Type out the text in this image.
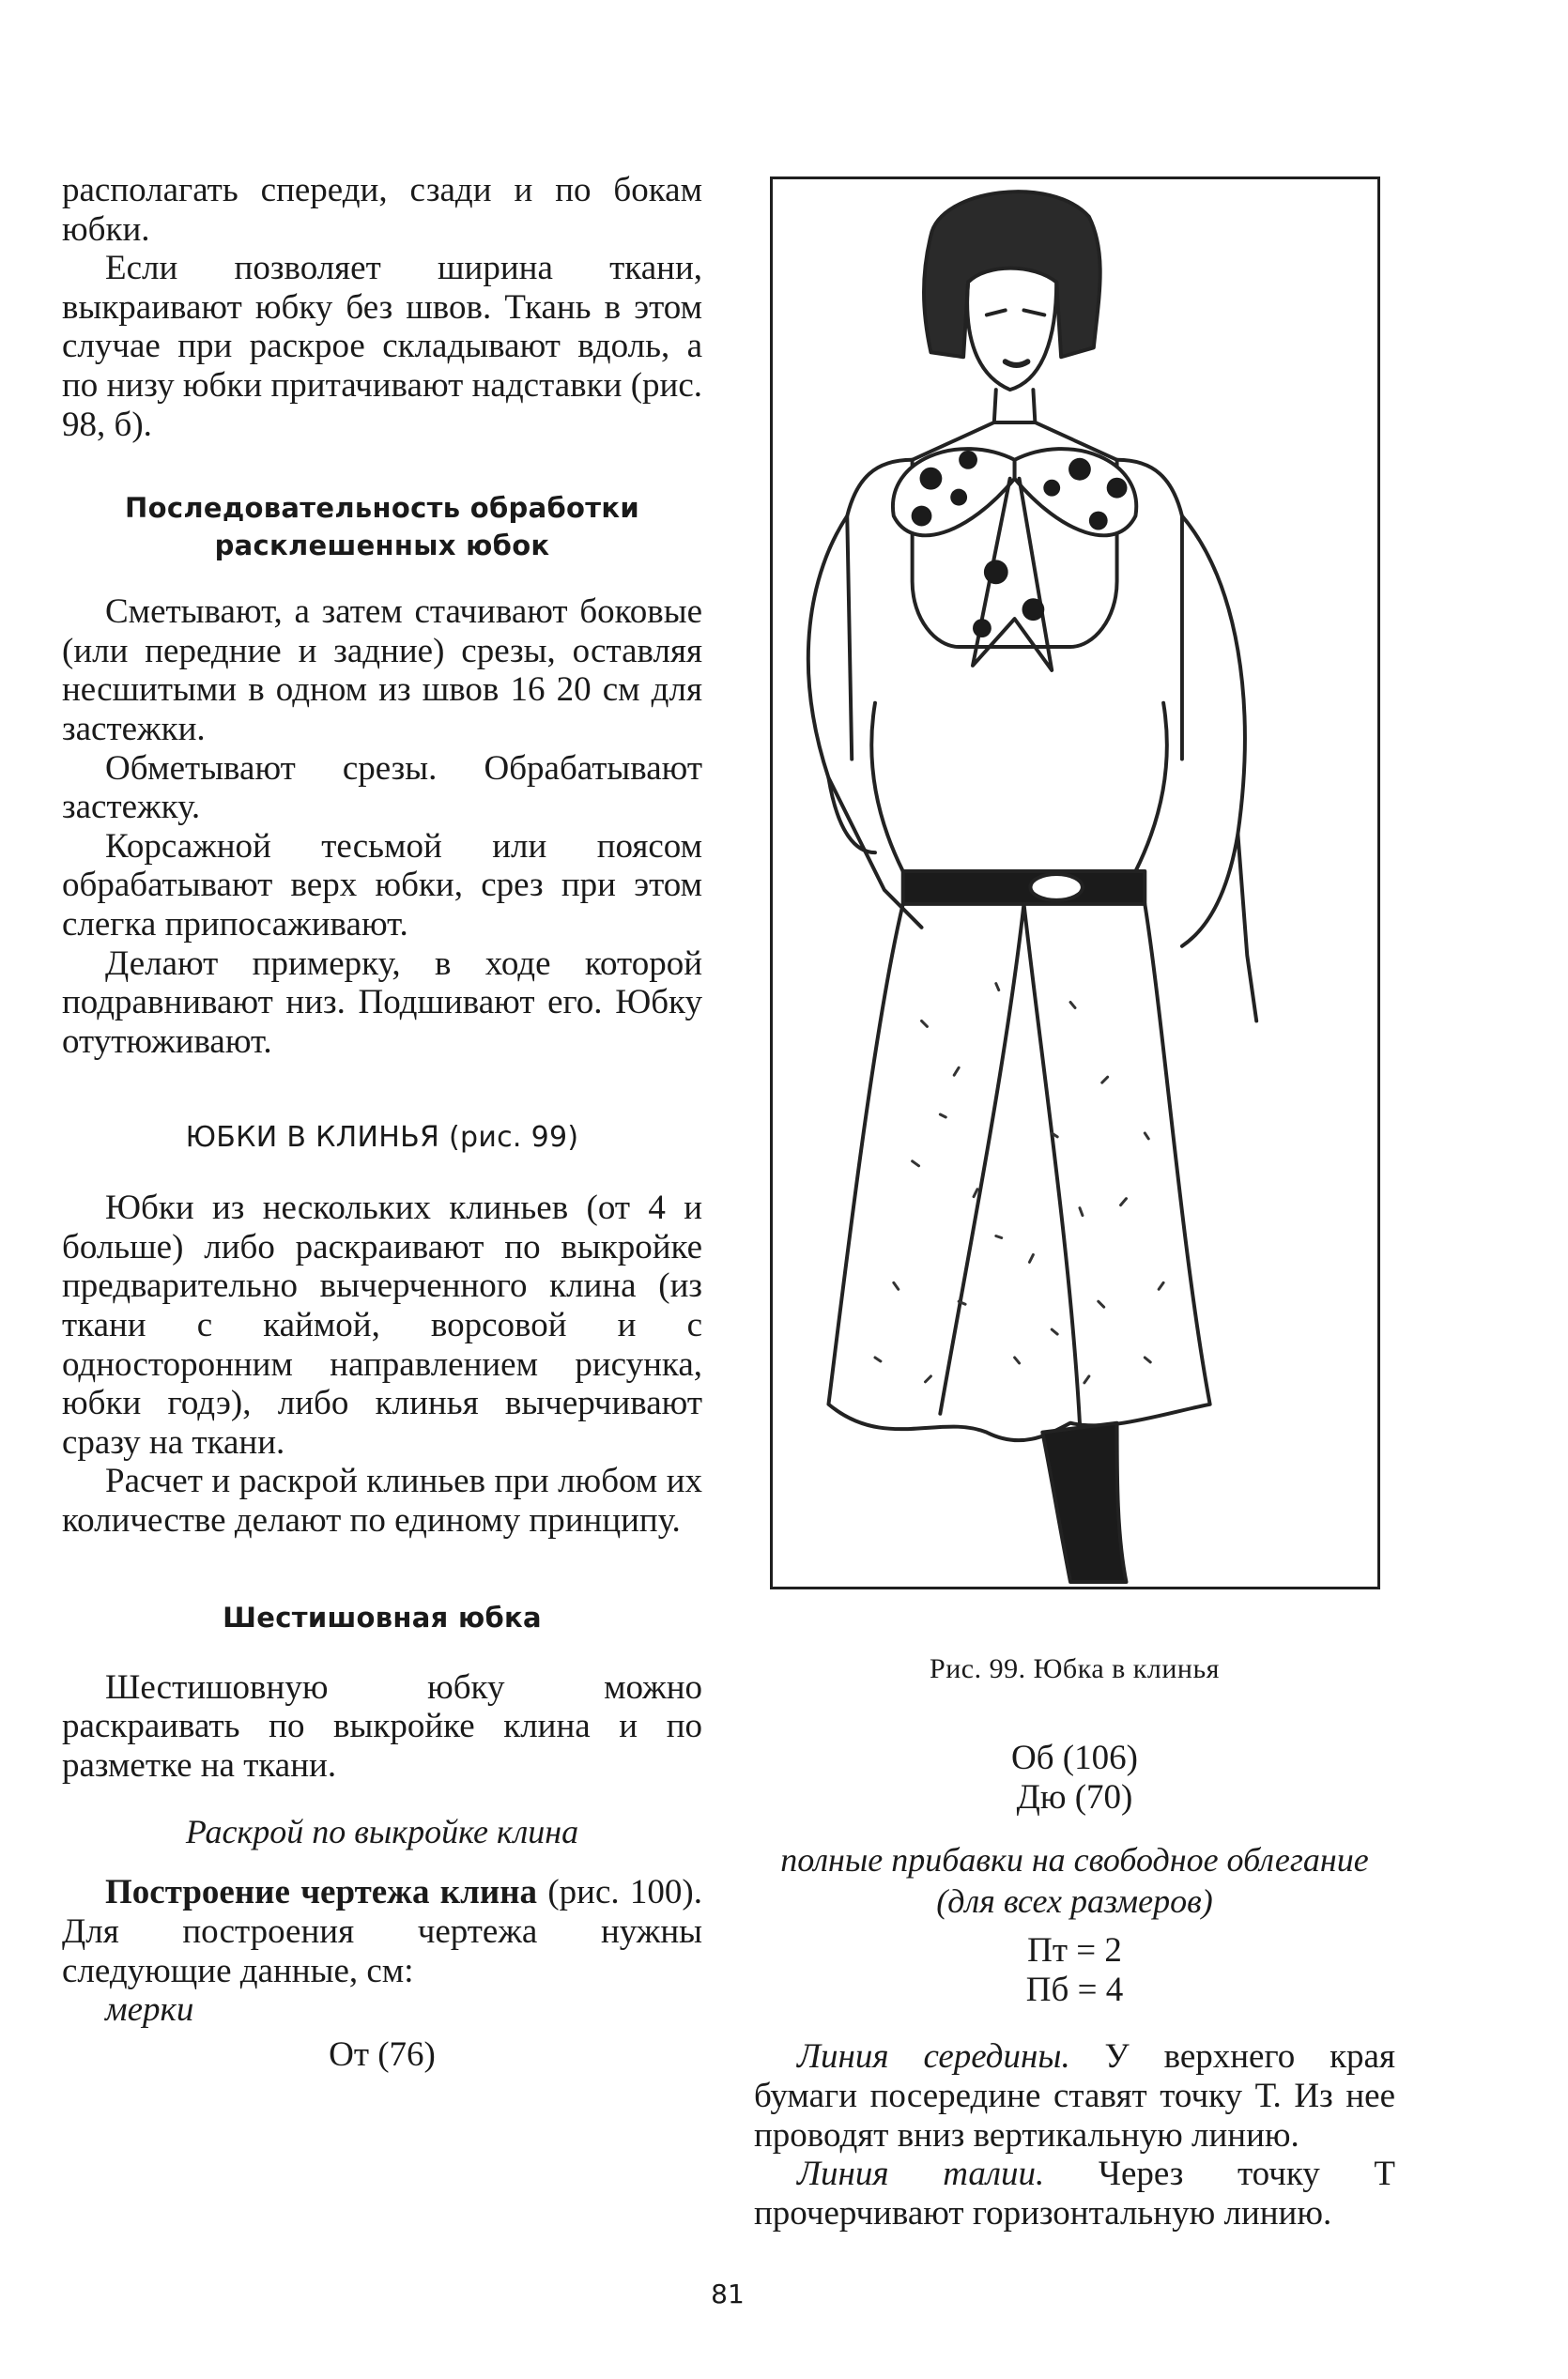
располагать спереди, сзади и по бокам юбки.

Если позволяет ширина ткани, выкраивают юбку без швов. Ткань в этом случае при раскрое складывают вдоль, а по низу юбки притачивают надставки (рис. 98, б).

Последовательность обработки расклешенных юбок

Сметывают, а затем стачивают боковые (или передние и задние) срезы, оставляя несшитыми в одном из швов 16 20 см для застежки.

Обметывают срезы. Обрабатывают застежку.

Корсажной тесьмой или поясом обрабатывают верх юбки, срез при этом слегка припосаживают.

Делают примерку, в ходе которой подравнивают низ. Подшивают его. Юбку отутюживают.

ЮБКИ В КЛИНЬЯ (рис. 99)

Юбки из нескольких клиньев (от 4 и больше) либо раскраивают по выкройке предварительно вычерченного клина (из ткани с каймой, ворсовой и с односторонним направлением рисунка, юбки годэ), либо клинья вычерчивают сразу на ткани.

Расчет и раскрой клиньев при любом их количестве делают по единому принципу.

Шестишовная юбка

Шестишовную юбку можно раскраивать по выкройке клина и по разметке на ткани.

Раскрой по выкройке клина

Построение чертежа клина (рис. 100). Для построения чертежа нужны следующие данные, см:

мерки

От (76)

Рис. 99. Юбка в клинья

Об (106)

Дю (70)

полные прибавки на свободное облегание (для всех размеров)

Пт = 2

Пб = 4

Линия середины. У верхнего края бумаги посередине ставят точку Т. Из нее проводят вниз вертикальную линию.

Линия талии. Через точку Т прочерчивают горизонтальную линию.

81
